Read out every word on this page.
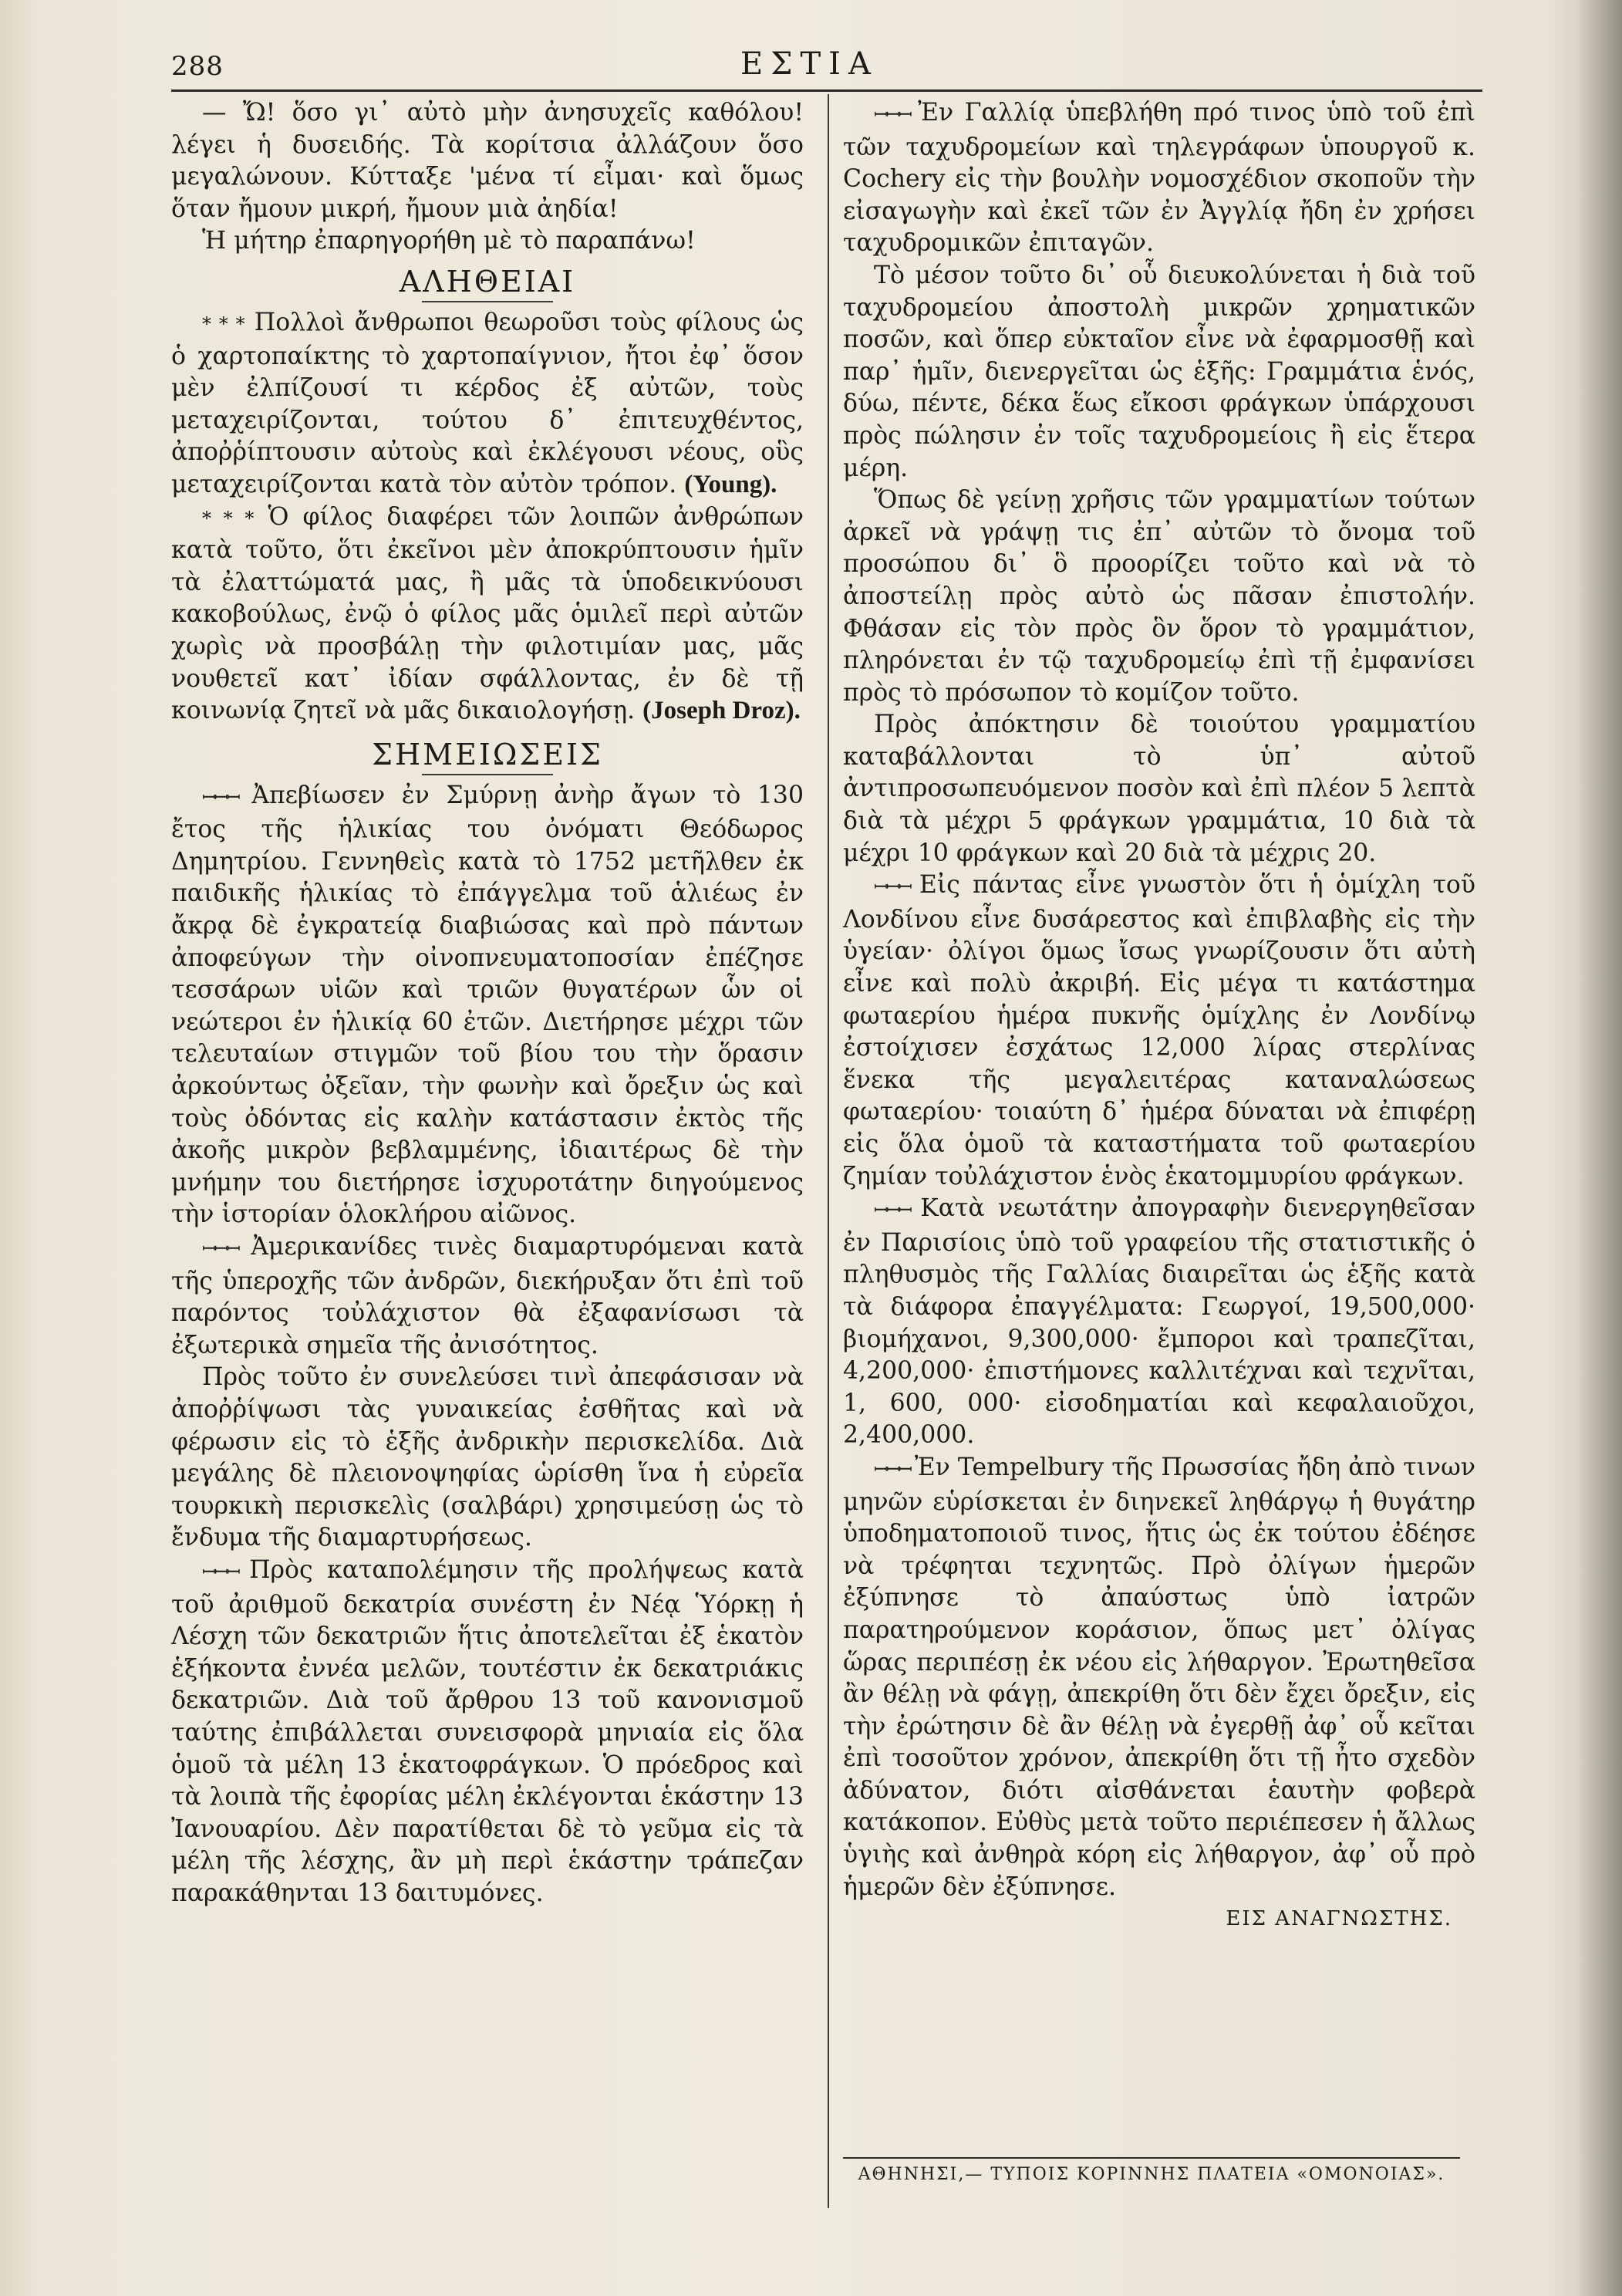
288	ΕΣΤΙΑ

— Ὤ! ὅσο γι᾽ αὐτὸ μὴν ἀνησυχεῖς καθόλου! λέγει ἡ δυσειδής. Τὰ κορίτσια ἀλλάζουν ὅσο μεγαλώνουν. Κύτταξε 'μένα τί εἶμαι· καὶ ὅμως ὅταν ἤμουν μικρή, ἤμουν μιὰ ἀηδία!

Ἡ μήτηρ ἐπαρηγορήθη μὲ τὸ παραπάνω!

ΑΛΗΘΕΙΑΙ

* * * Πολλοὶ ἄνθρωποι θεωροῦσι τοὺς φίλους ὡς ὁ χαρτοπαίκτης τὸ χαρτοπαίγνιον, ἤτοι ἐφ᾽ ὅσον μὲν ἐλπίζουσί τι κέρδος ἐξ αὐτῶν, τοὺς μεταχειρίζονται, τούτου δ᾽ ἐπιτευχθέντος, ἀποῤῥίπτουσιν αὐτοὺς καὶ ἐκλέγουσι νέους, οὓς μεταχειρίζονται κατὰ τὸν αὐτὸν τρόπον. (Young).

* * * Ὁ φίλος διαφέρει τῶν λοιπῶν ἀνθρώπων κατὰ τοῦτο, ὅτι ἐκεῖνοι μὲν ἀποκρύπτουσιν ἡμῖν τὰ ἐλαττώματά μας, ἢ μᾶς τὰ ὑποδεικνύουσι κακοβούλως, ἐνῷ ὁ φίλος μᾶς ὁμιλεῖ περὶ αὐτῶν χωρὶς νὰ προσβάλῃ τὴν φιλοτιμίαν μας, μᾶς νουθετεῖ κατ᾽ ἰδίαν σφάλλοντας, ἐν δὲ τῇ κοινωνίᾳ ζητεῖ νὰ μᾶς δικαιολογήσῃ. (Joseph Droz).

ΣΗΜΕΙΩΣΕΙΣ

ꟷꟷꟷ Ἀπεβίωσεν ἐν Σμύρνῃ ἀνὴρ ἄγων τὸ 130 ἔτος τῆς ἡλικίας του ὀνόματι Θεόδωρος Δημητρίου. Γεννηθεὶς κατὰ τὸ 1752 μετῆλθεν ἐκ παιδικῆς ἡλικίας τὸ ἐπάγγελμα τοῦ ἁλιέως ἐν ἄκρᾳ δὲ ἐγκρατείᾳ διαβιώσας καὶ πρὸ πάντων ἀποφεύγων τὴν οἰνοπνευματοποσίαν ἐπέζησε τεσσάρων υἱῶν καὶ τριῶν θυγατέρων ὧν οἱ νεώτεροι ἐν ἡλικίᾳ 60 ἐτῶν. Διετήρησε μέχρι τῶν τελευταίων στιγμῶν τοῦ βίου του τὴν ὅρασιν ἀρκούντως ὀξεῖαν, τὴν φωνὴν καὶ ὄρεξιν ὡς καὶ τοὺς ὀδόντας εἰς καλὴν κατάστασιν ἐκτὸς τῆς ἀκοῆς μικρὸν βεβλαμμένης, ἰδιαιτέρως δὲ τὴν μνήμην του διετήρησε ἰσχυροτάτην διηγούμενος τὴν ἱστορίαν ὁλοκλήρου αἰῶνος.

ꟷꟷꟷ Ἀμερικανίδες τινὲς διαμαρτυρόμεναι κατὰ τῆς ὑπεροχῆς τῶν ἀνδρῶν, διεκήρυξαν ὅτι ἐπὶ τοῦ παρόντος τοὐλάχιστον θὰ ἐξαφανίσωσι τὰ ἐξωτερικὰ σημεῖα τῆς ἀνισότητος.

Πρὸς τοῦτο ἐν συνελεύσει τινὶ ἀπεφάσισαν νὰ ἀποῤῥίψωσι τὰς γυναικείας ἐσθῆτας καὶ νὰ φέρωσιν εἰς τὸ ἑξῆς ἀνδρικὴν περισκελίδα. Διὰ μεγάλης δὲ πλειονοψηφίας ὡρίσθη ἵνα ἡ εὐρεῖα τουρκικὴ περισκελὶς (σαλβάρι) χρησιμεύσῃ ὡς τὸ ἔνδυμα τῆς διαμαρτυρήσεως.

ꟷꟷꟷ Πρὸς καταπολέμησιν τῆς προλήψεως κατὰ τοῦ ἀριθμοῦ δεκατρία συνέστη ἐν Νέᾳ Ὑόρκῃ ἡ Λέσχη τῶν δεκατριῶν ἥτις ἀποτελεῖται ἐξ ἑκατὸν ἑξήκοντα ἐννέα μελῶν, τουτέστιν ἐκ δεκατριάκις δεκατριῶν. Διὰ τοῦ ἄρθρου 13 τοῦ κανονισμοῦ ταύτης ἐπιβάλλεται συνεισφορὰ μηνιαία εἰς ὅλα ὁμοῦ τὰ μέλη 13 ἑκατοφράγκων. Ὁ πρόεδρος καὶ τὰ λοιπὰ τῆς ἐφορίας μέλη ἐκλέγονται ἑκάστην 13 Ἰανουαρίου. Δὲν παρατίθεται δὲ τὸ γεῦμα εἰς τὰ μέλη τῆς λέσχης, ἂν μὴ περὶ ἑκάστην τράπεζαν παρακάθηνται 13 δαιτυμόνες.

ꟷꟷꟷ Ἐν Γαλλίᾳ ὑπεβλήθη πρό τινος ὑπὸ τοῦ ἐπὶ τῶν ταχυδρομείων καὶ τηλεγράφων ὑπουργοῦ κ. Cochery εἰς τὴν βουλὴν νομοσχέδιον σκοποῦν τὴν εἰσαγωγὴν καὶ ἐκεῖ τῶν ἐν Ἀγγλίᾳ ἤδη ἐν χρήσει ταχυδρομικῶν ἐπιταγῶν.

Τὸ μέσον τοῦτο δι᾽ οὗ διευκολύνεται ἡ διὰ τοῦ ταχυδρομείου ἀποστολὴ μικρῶν χρηματικῶν ποσῶν, καὶ ὅπερ εὐκταῖον εἶνε νὰ ἐφαρμοσθῇ καὶ παρ᾽ ἡμῖν, διενεργεῖται ὡς ἑξῆς: Γραμμάτια ἑνός, δύω, πέντε, δέκα ἕως εἴκοσι φράγκων ὑπάρχουσι πρὸς πώλησιν ἐν τοῖς ταχυδρομείοις ἢ εἰς ἕτερα μέρη.

Ὅπως δὲ γείνῃ χρῆσις τῶν γραμματίων τούτων ἀρκεῖ νὰ γράψῃ τις ἐπ᾽ αὐτῶν τὸ ὄνομα τοῦ προσώπου δι᾽ ὃ προορίζει τοῦτο καὶ νὰ τὸ ἀποστείλῃ πρὸς αὐτὸ ὡς πᾶσαν ἐπιστολήν. Φθάσαν εἰς τὸν πρὸς ὃν ὅρον τὸ γραμμάτιον, πληρόνεται ἐν τῷ ταχυδρομείῳ ἐπὶ τῇ ἐμφανίσει πρὸς τὸ πρόσωπον τὸ κομίζον τοῦτο.

Πρὸς ἀπόκτησιν δὲ τοιούτου γραμματίου καταβάλλονται τὸ ὑπ᾽ αὐτοῦ ἀντιπροσωπευόμενον ποσὸν καὶ ἐπὶ πλέον 5 λεπτὰ διὰ τὰ μέχρι 5 φράγκων γραμμάτια, 10 διὰ τὰ μέχρι 10 φράγκων καὶ 20 διὰ τὰ μέχρις 20.

ꟷꟷꟷ Εἰς πάντας εἶνε γνωστὸν ὅτι ἡ ὁμίχλη τοῦ Λονδίνου εἶνε δυσάρεστος καὶ ἐπιβλαβὴς εἰς τὴν ὑγείαν· ὀλίγοι ὅμως ἴσως γνωρίζουσιν ὅτι αὐτὴ εἶνε καὶ πολὺ ἀκριβή. Εἰς μέγα τι κατάστημα φωταερίου ἡμέρα πυκνῆς ὁμίχλης ἐν Λονδίνῳ ἐστοίχισεν ἐσχάτως 12,000 λίρας στερλίνας ἕνεκα τῆς μεγαλειτέρας καταναλώσεως φωταερίου· τοιαύτη δ᾽ ἡμέρα δύναται νὰ ἐπιφέρῃ εἰς ὅλα ὁμοῦ τὰ καταστήματα τοῦ φωταερίου ζημίαν τοὐλάχιστον ἑνὸς ἑκατομμυρίου φράγκων.

ꟷꟷꟷ Κατὰ νεωτάτην ἀπογραφὴν διενεργηθεῖσαν ἐν Παρισίοις ὑπὸ τοῦ γραφείου τῆς στατιστικῆς ὁ πληθυσμὸς τῆς Γαλλίας διαιρεῖται ὡς ἑξῆς κατὰ τὰ διάφορα ἐπαγγέλματα: Γεωργοί, 19,500,000· βιομήχανοι, 9,300,000· ἔμποροι καὶ τραπεζῖται, 4,200,000· ἐπιστήμονες καλλιτέχναι καὶ τεχνῖται, 1, 600, 000· εἰσοδηματίαι καὶ κεφαλαιοῦχοι, 2,400,000.

ꟷꟷꟷ Ἐν Tempelbury τῆς Πρωσσίας ἤδη ἀπὸ τινων μηνῶν εὑρίσκεται ἐν διηνεκεῖ ληθάργῳ ἡ θυγάτηρ ὑποδηματοποιοῦ τινος, ἥτις ὡς ἐκ τούτου ἐδέησε νὰ τρέφηται τεχνητῶς. Πρὸ ὀλίγων ἡμερῶν ἐξύπνησε τὸ ἀπαύστως ὑπὸ ἰατρῶν παρατηρούμενον κοράσιον, ὅπως μετ᾽ ὀλίγας ὥρας περιπέσῃ ἐκ νέου εἰς λήθαργον. Ἐρωτηθεῖσα ἂν θέλῃ νὰ φάγῃ, ἀπεκρίθη ὅτι δὲν ἔχει ὄρεξιν, εἰς τὴν ἐρώτησιν δὲ ἂν θέλῃ νὰ ἐγερθῇ ἀφ᾽ οὗ κεῖται ἐπὶ τοσοῦτον χρόνον, ἀπεκρίθη ὅτι τῇ ἦτο σχεδὸν ἀδύνατον, διότι αἰσθάνεται ἑαυτὴν φοβερὰ κατάκοπον. Εὐθὺς μετὰ τοῦτο περιέπεσεν ἡ ἄλλως ὑγιὴς καὶ ἀνθηρὰ κόρη εἰς λήθαργον, ἀφ᾽ οὗ πρὸ ἡμερῶν δὲν ἐξύπνησε.

ΕΙΣ ΑΝΑΓΝΩΣΤΗΣ.
ΑΘΗΝΗΣΙ,— ΤΥΠΟΙΣ ΚΟΡΙΝΝΗΣ ΠΛΑΤΕΙΑ «ΟΜΟΝΟΙΑΣ».
